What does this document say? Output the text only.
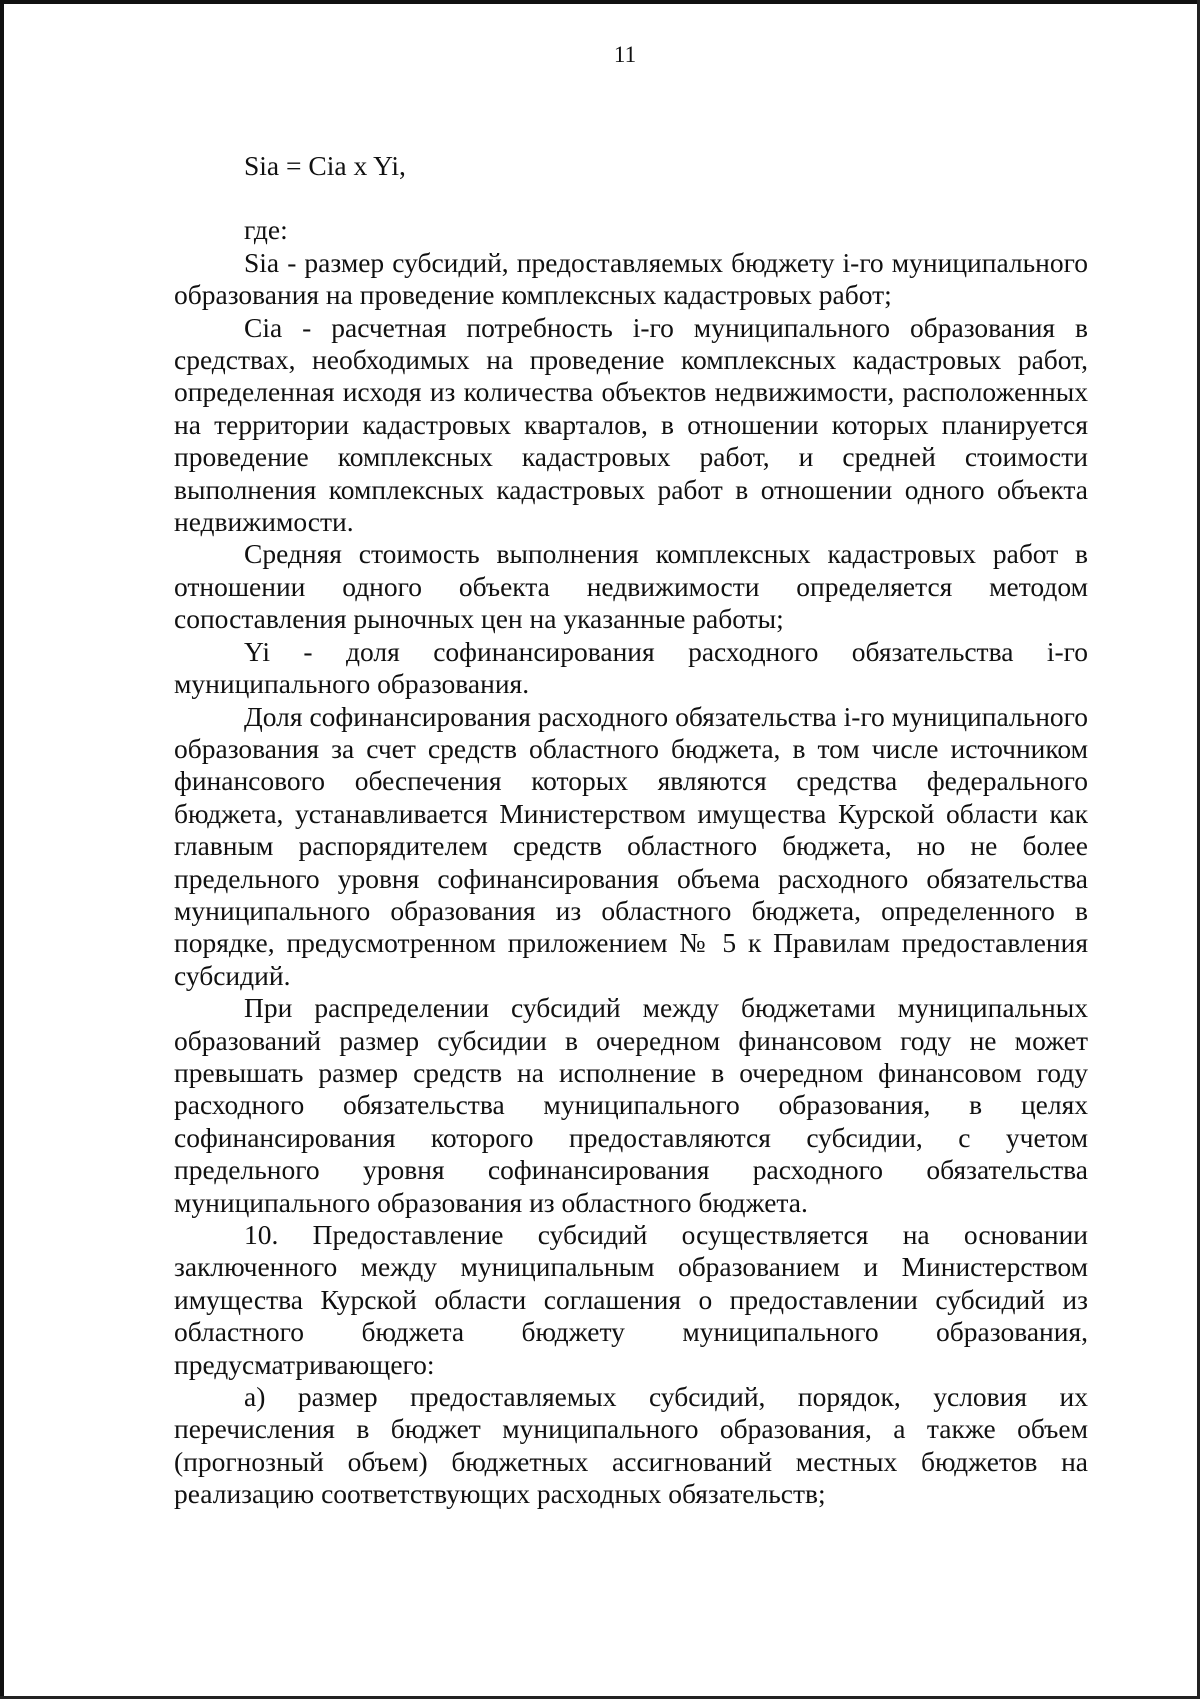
11

Sia = Cia x Yi,

где:

Sia - размер субсидий, предоставляемых бюджету i-го муниципального образования на проведение комплексных кадастровых работ;

Cia - расчетная потребность i-го муниципального образования в средствах, необходимых на проведение комплексных кадастровых работ, определенная исходя из количества объектов недвижимости, расположенных на территории кадастровых кварталов, в отношении которых планируется проведение комплексных кадастровых работ, и средней стоимости выполнения комплексных кадастровых работ в отношении одного объекта недвижимости.

Средняя стоимость выполнения комплексных кадастровых работ в отношении одного объекта недвижимости определяется методом сопоставления рыночных цен на указанные работы;

Yi - доля софинансирования расходного обязательства i-го муниципального образования.

Доля софинансирования расходного обязательства i-го муниципального образования за счет средств областного бюджета, в том числе источником финансового обеспечения которых являются средства федерального бюджета, устанавливается Министерством имущества Курской области как главным распорядителем средств областного бюджета, но не более предельного уровня софинансирования объема расходного обязательства муниципального образования из областного бюджета, определенного в порядке, предусмотренном приложением № 5 к Правилам предоставления субсидий.

При распределении субсидий между бюджетами муниципальных образований размер субсидии в очередном финансовом году не может превышать размер средств на исполнение в очередном финансовом году расходного обязательства муниципального образования, в целях софинансирования которого предоставляются субсидии, с учетом предельного уровня софинансирования расходного обязательства муниципального образования из областного бюджета.

10. Предоставление субсидий осуществляется на основании заключенного между муниципальным образованием и Министерством имущества Курской области соглашения о предоставлении субсидий из областного бюджета бюджету муниципального образования, предусматривающего:

а) размер предоставляемых субсидий, порядок, условия их перечисления в бюджет муниципального образования, а также объем (прогнозный объем) бюджетных ассигнований местных бюджетов на реализацию соответствующих расходных обязательств;
